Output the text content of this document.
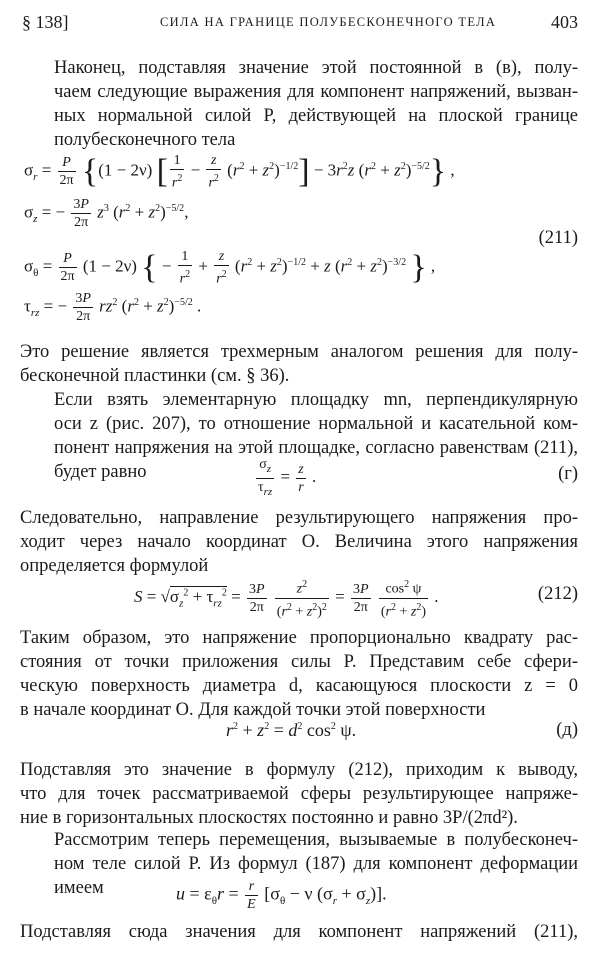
§ 138]	СИЛА НА ГРАНИЦЕ ПОЛУБЕСКОНЕЧНОГО ТЕЛА	403

Наконец, подставляя значение этой постоянной в (в), полу-
чаем следующие выражения для компонент напряжений, вызван-
ных нормальной силой P, действующей на плоской границе
полубесконечного тела

$\sigma_r = \frac{P}{2\pi} \{(1 - 2\nu)$ [ $\frac{1}{r^2} - \frac{z}{r^2} (r^2 + z^2)^{-1/2}] - 3r^2z$ $(r^2 + z^2)^{-5/2}$} ,
$\sigma_z$ = − $\frac{3P}{2\pi} z^3$ $(r^2 + z^2)^{-5/2}$,
$\sigma_\theta = \frac{P}{2\pi} (1 - 2\nu)$ { − $\frac{1}{r^2} + \frac{z}{r^2} (r^2 + z^2)^{-1/2} + z$ $(r^2 + z^2)^{-3/2}$ } ,
$\tau_{rz}$ = − $\frac{3P}{2\pi} rz^2$ $(r^2 + z^2)^{-5/2}$ .
(211)

Это решение является трехмерным аналогом решения для полу-
бесконечной пластинки (см. § 36).

Если взять элементарную площадку mn, перпендикулярную
оси z (рис. 207), то отношение нормальной и касательной ком-
понент напряжения на этой площадке, согласно равенствам (211),
будет равно	$\frac{\sigma_z}{\tau_{rz}} = \frac{z}{r}$ .	(г)

Следовательно, направление результирующего напряжения про-
ходит через начало координат O. Величина этого напряжения
определяется формулой

$S = √\sigma_z^2 + \tau_{rz}^2 = \frac{3P}{2\pi}$
$\frac{z^2}{(r^2 + z^2)^2} = \frac{3P}{2\pi}$
$\frac{\cos^2 \psi}{(r^2 + z^2)}$ .	(212)

Таким образом, это напряжение пропорционально квадрату рас-
стояния от точки приложения силы P. Представим себе сфери-
ческую поверхность диаметра d, касающуюся плоскости z = 0
в начале координат O. Для каждой точки этой поверхности

$r^2 + z^2 = d^2$ $\cos^2 \psi$.	(д)

Подставляя это значение в формулу (212), приходим к выводу,
что для точек рассматриваемой сферы результирующее напряже-
ние в горизонтальных плоскостях постоянно и равно 3P/(2πd²).

Рассмотрим теперь перемещения, вызываемые в полубесконеч-
ном теле силой P. Из формул (187) для компонент деформации
имеем	$u = \varepsilon_\theta r = \frac{r}{E} [\sigma_\theta - \nu$ $(\sigma_r + \sigma_z)$].

Подставляя сюда значения для компонент напряжений (211),
